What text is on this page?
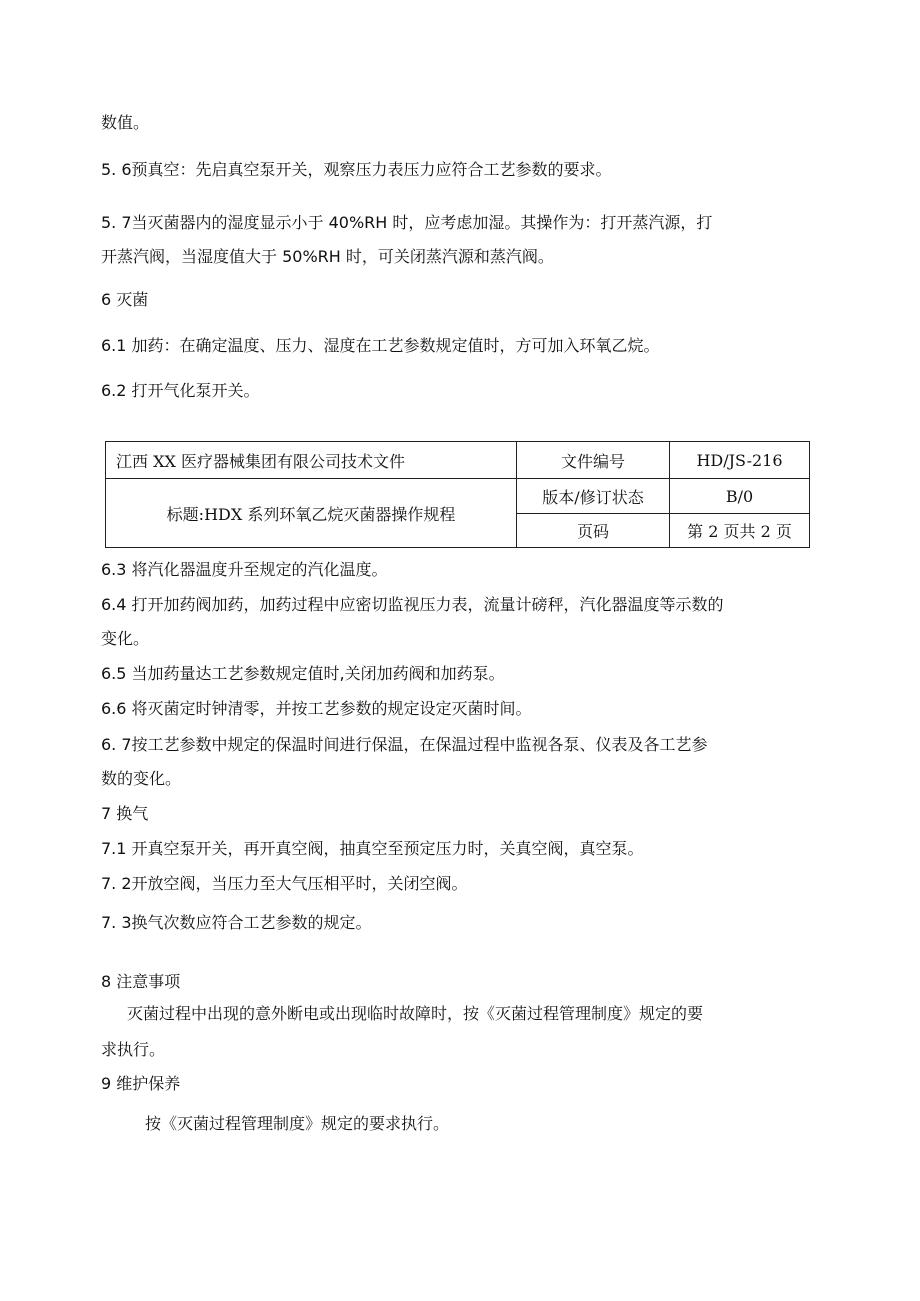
数值。
5. 6预真空：先启真空泵开关，观察压力表压力应符合工艺参数的要求。
5. 7当灭菌器内的湿度显示小于 40%RH 时，应考虑加湿。其操作为：打开蒸汽源，打
开蒸汽阀，当湿度值大于 50%RH 时，可关闭蒸汽源和蒸汽阀。
6 灭菌
6.1 加药：在确定温度、压力、湿度在工艺参数规定值时，方可加入环氧乙烷。
6.2 打开气化泵开关。
江西 XX 医疗器械集团有限公司技术文件	文件编号	HD/JS-216
标题:HDX 系列环氧乙烷灭菌器操作规程	版本/修订状态	B/0
	页码	第 2 页共 2 页
6.3 将汽化器温度升至规定的汽化温度。
6.4 打开加药阀加药，加药过程中应密切监视压力表，流量计磅秤，汽化器温度等示数的
变化。
6.5 当加药量达工艺参数规定值时,关闭加药阀和加药泵。
6.6 将灭菌定时钟清零，并按工艺参数的规定设定灭菌时间。
6. 7按工艺参数中规定的保温时间进行保温，在保温过程中监视各泵、仪表及各工艺参
数的变化。
7 换气
7.1 开真空泵开关，再开真空阀，抽真空至预定压力时，关真空阀，真空泵。
7. 2开放空阀，当压力至大气压相平时，关闭空阀。
7. 3换气次数应符合工艺参数的规定。
8 注意事项
灭菌过程中出现的意外断电或出现临时故障时，按《灭菌过程管理制度》规定的要
求执行。
9 维护保养
按《灭菌过程管理制度》规定的要求执行。
